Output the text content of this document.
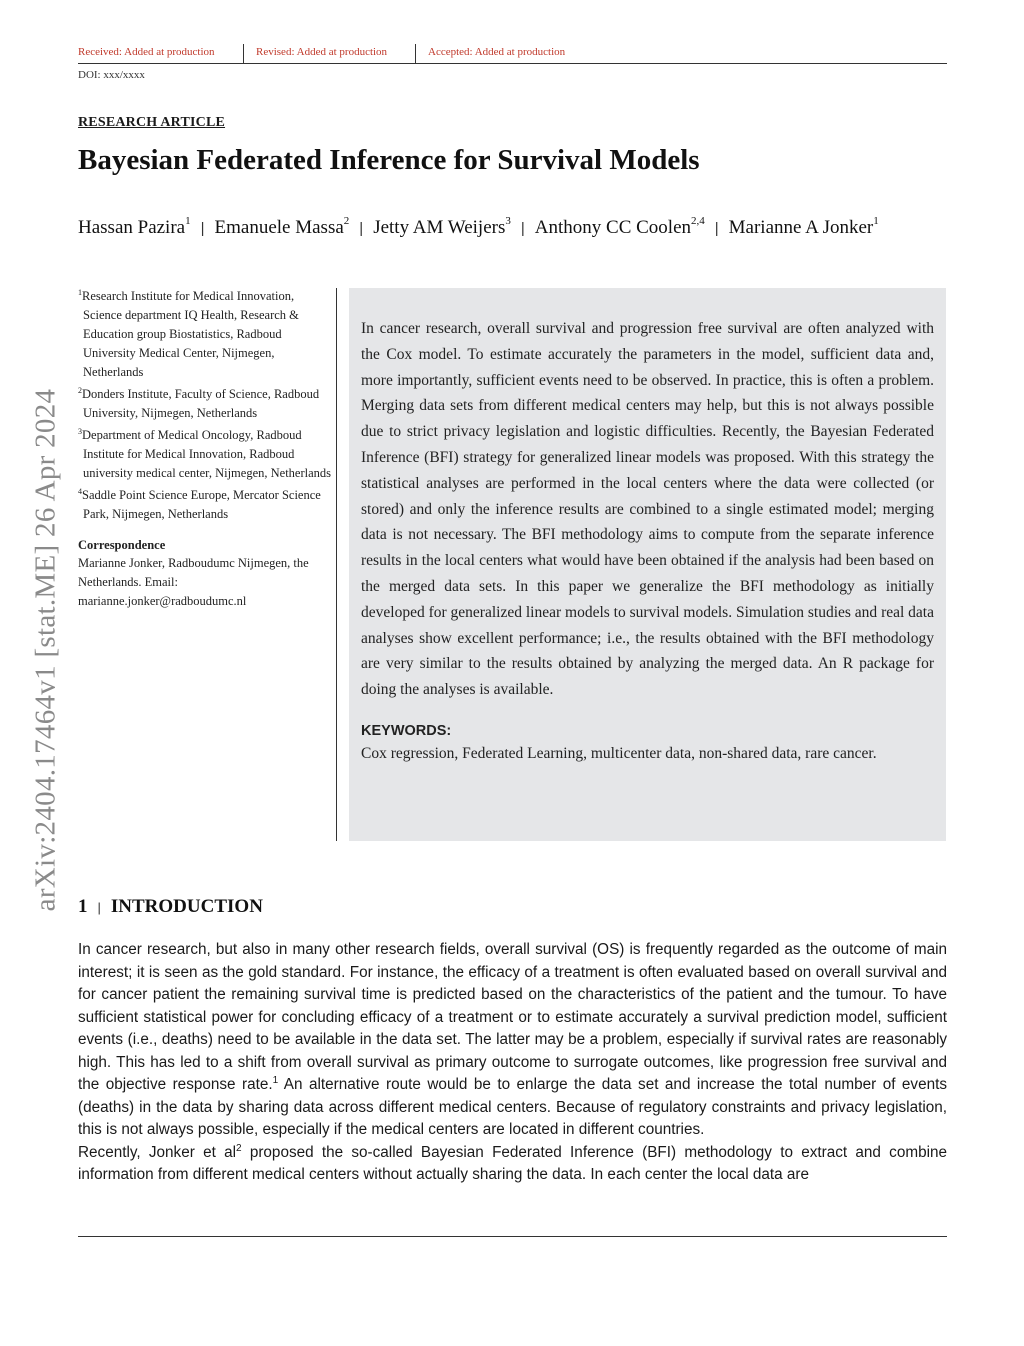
Received: Added at production	Revised: Added at production	Accepted: Added at production
DOI: xxx/xxxx
RESEARCH ARTICLE
Bayesian Federated Inference for Survival Models
Hassan Pazira$^1$ | Emanuele Massa$^2$ | Jetty AM Weijers$^3$ | Anthony CC Coolen$^{2,4}$ | Marianne A Jonker$^1$
$^1$Research Institute for Medical Innovation, Science department IQ Health, Research & Education group Biostatistics, Radboud University Medical Center, Nijmegen, Netherlands
$^2$Donders Institute, Faculty of Science, Radboud University, Nijmegen, Netherlands
$^3$Department of Medical Oncology, Radboud Institute for Medical Innovation, Radboud university medical center, Nijmegen, Netherlands
$^4$Saddle Point Science Europe, Mercator Science Park, Nijmegen, Netherlands
Correspondence
Marianne Jonker, Radboudumc Nijmegen, the Netherlands. Email: marianne.jonker@radboudumc.nl
In cancer research, overall survival and progression free survival are often analyzed with the Cox model. To estimate accurately the parameters in the model, sufficient data and, more importantly, sufficient events need to be observed. In practice, this is often a problem. Merging data sets from different medical centers may help, but this is not always possible due to strict privacy legislation and logistic difficulties. Recently, the Bayesian Federated Inference (BFI) strategy for generalized linear models was proposed. With this strategy the statistical analyses are performed in the local centers where the data were collected (or stored) and only the inference results are combined to a single estimated model; merging data is not necessary. The BFI methodology aims to compute from the separate inference results in the local centers what would have been obtained if the analysis had been based on the merged data sets. In this paper we generalize the BFI methodology as initially developed for generalized linear models to survival models. Simulation studies and real data analyses show excellent performance; i.e., the results obtained with the BFI methodology are very similar to the results obtained by analyzing the merged data. An R package for doing the analyses is available.
KEYWORDS:
Cox regression, Federated Learning, multicenter data, non-shared data, rare cancer.
arXiv:2404.17464v1 [stat.ME] 26 Apr 2024 1 | INTRODUCTION

In cancer research, but also in many other research fields, overall survival (OS) is frequently regarded as the outcome of main interest; it is seen as the gold standard. For instance, the efficacy of a treatment is often evaluated based on overall survival and for cancer patient the remaining survival time is predicted based on the characteristics of the patient and the tumour. To have sufficient statistical power for concluding efficacy of a treatment or to estimate accurately a survival prediction model, sufficient events (i.e., deaths) need to be available in the data set. The latter may be a problem, especially if survival rates are reasonably high. This has led to a shift from overall survival as primary outcome to surrogate outcomes, like progression free survival and the objective response rate.$^1$ An alternative route would be to enlarge the data set and increase the total number of events (deaths) in the data by sharing data across different medical centers. Because of regulatory constraints and privacy legislation, this is not always possible, especially if the medical centers are located in different countries.

Recently, Jonker et $al^2$ proposed the so-called Bayesian Federated Inference (BFI) methodology to extract and combine information from different medical centers without actually sharing the data. In each center the local data are
